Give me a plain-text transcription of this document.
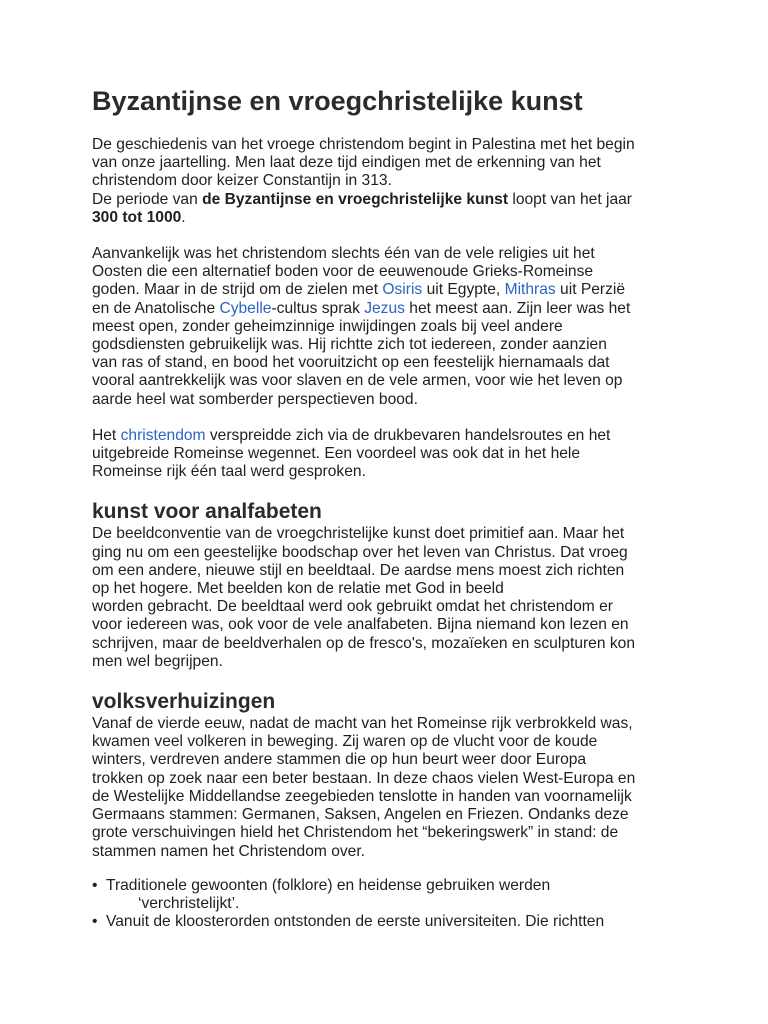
Byzantijnse en vroegchristelijke kunst

De geschiedenis van het vroege christendom begint in Palestina met het begin
van onze jaartelling. Men laat deze tijd eindigen met de erkenning van het
christendom door keizer Constantijn in 313.
De periode van de Byzantijnse en vroegchristelijke kunst loopt van het jaar
300 tot 1000.

Aanvankelijk was het christendom slechts één van de vele religies uit het
Oosten die een alternatief boden voor de eeuwenoude Grieks-Romeinse
goden. Maar in de strijd om de zielen met Osiris uit Egypte, Mithras uit Perzië
en de Anatolische Cybelle-cultus sprak Jezus het meest aan. Zijn leer was het
meest open, zonder geheimzinnige inwijdingen zoals bij veel andere
godsdiensten gebruikelijk was. Hij richtte zich tot iedereen, zonder aanzien
van ras of stand, en bood het vooruitzicht op een feestelijk hiernamaals dat
vooral aantrekkelijk was voor slaven en de vele armen, voor wie het leven op
aarde heel wat somberder perspectieven bood.

Het christendom verspreidde zich via de drukbevaren handelsroutes en het
uitgebreide Romeinse wegennet. Een voordeel was ook dat in het hele
Romeinse rijk één taal werd gesproken.

kunst voor analfabeten

De beeldconventie van de vroegchristelijke kunst doet primitief aan. Maar het
ging nu om een geestelijke boodschap over het leven van Christus. Dat vroeg
om een andere, nieuwe stijl en beeldtaal. De aardse mens moest zich richten
op het hogere. Met beelden kon de relatie met God in beeld
worden gebracht. De beeldtaal werd ook gebruikt omdat het christendom er
voor iedereen was, ook voor de vele analfabeten. Bijna niemand kon lezen en
schrijven, maar de beeldverhalen op de fresco's, mozaïeken en sculpturen kon
men wel begrijpen.

volksverhuizingen

Vanaf de vierde eeuw, nadat de macht van het Romeinse rijk verbrokkeld was,
kwamen veel volkeren in beweging. Zij waren op de vlucht voor de koude
winters, verdreven andere stammen die op hun beurt weer door Europa
trokken op zoek naar een beter bestaan. In deze chaos vielen West-Europa en
de Westelijke Middellandse zeegebieden tenslotte in handen van voornamelijk
Germaans stammen: Germanen, Saksen, Angelen en Friezen. Ondanks deze
grote verschuivingen hield het Christendom het “bekeringswerk” in stand: de
stammen namen het Christendom over.

• Traditionele gewoonten (folklore) en heidense gebruiken werden
‘verchristelijkt’.
• Vanuit de kloosterorden ontstonden de eerste universiteiten. Die richtten
